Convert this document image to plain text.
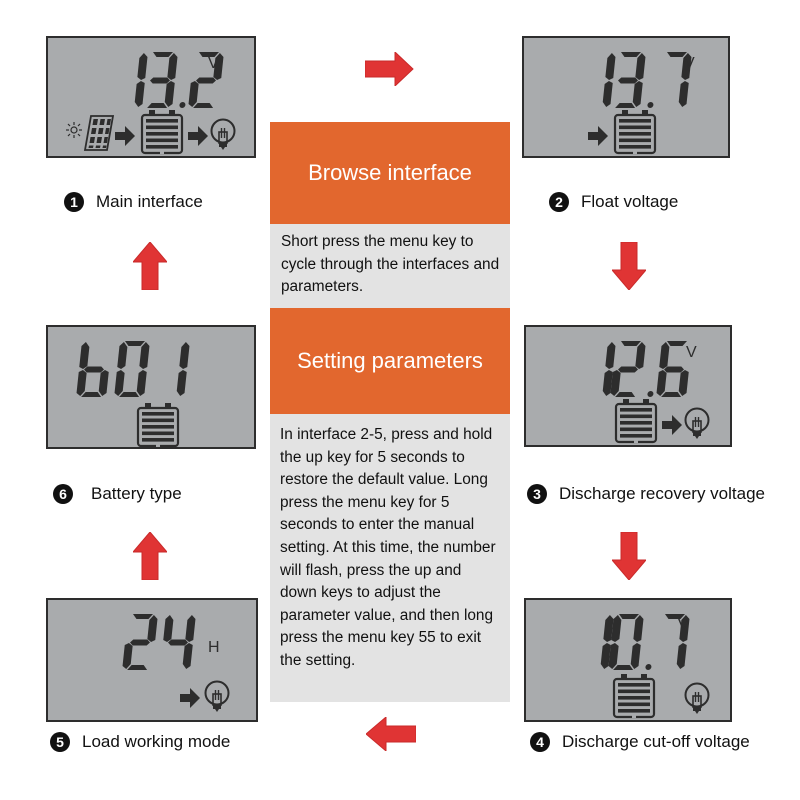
V
1	Main interface
V
2	Float voltage
V
3	Discharge recovery voltage
V
4	Discharge cut-off voltage
H
5	Load working mode
6	Battery type
Browse interface
Short press the menu key to cycle through the interfaces and parameters.
Setting parameters
In interface 2-5, press and hold the up key for 5 seconds to restore the default value. Long press the menu key for 5 seconds to enter the manual setting. At this time, the number will flash, press the up and down keys to adjust the parameter value, and then long press the menu key 55 to exit the setting.
